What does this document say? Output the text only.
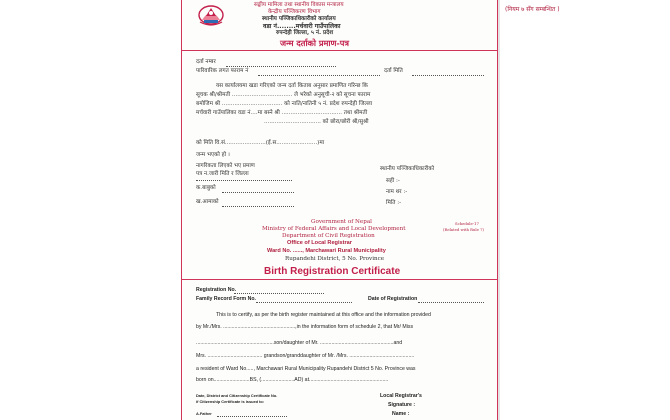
(नियम ७ सँग सम्बन्धित )
सङ्घीय मामिला तथा स्थानीय विकास मन्त्रालय
केन्द्रीय पञ्जिकरण विभाग
स्थानीय पञ्जिकाधिकारीको कार्यालय
वडा नं........मर्चवारी गाउँपालिका
रुपन्देही जिल्ला, ५ नं. प्रदेश
जन्म दर्ताको प्रमाण-पत्र
दर्ता नम्बर
पारिवारिक लगत फाराम नं	दर्ता मिति
यस कार्यालयमा खडा गरिएको जन्म दर्ता किताब अनुसार प्रमाणित गरिन्छ कि
सूचक श्री/श्रीमती .................................. ले भरेको अनुसूची-२ को सूचना फाराम
बमोजिम श्री .................................. को नाति/नातिनी ५ नं. प्रदेश रुपन्देही जिल्ला
मर्चवारी गाउँपालिका वडा नं....मा बस्ने श्री .................................. तथा श्रीमती
................................ को छोरा/छोरी श्री/सुश्री
को मिति वि.सं.......................(ई.स.......................)मा
जन्म भएको हो ।
नागरिकता लिएको भए प्रमाण
पत्र न.जारी मिति र जिल्ला
क.बाबुको
ख.आमाको
स्थानीय पञ्जिकाधिकारीको
सही :-
नाम थर :-
मिति :-
Government of Nepal
Ministry of Federal Affairs and Local Development
Department of Civil Registration
Office of Local Registrar
Ward No. ......, Marchawari Rural Municipality
Rupandehi District, 5 No. Province
Schedule-17
(Related with Rule 7)
Birth Registration Certificate
Registration No.
Family Record Form No.	Date of Registration
This is to certify, as per the birth register maintained at this office and the information provided
by Mr./Mrs. ..................................................,in the information form of schedule 2, that Mr/ Miss
......................................................son/daughter of Mr. ...................................................and
Mrs. ...................................... grandson/granddaughter of Mr. /Mrs. .............................................
a resident of Ward No....., Marchawari Rural Municipality Rupandehi District 5 No. Province was
born on.........................BS, (.......................AD) at.......................................................
Date, District and Citizenship Certificate No.
if Citizenship Certificate is issued to:
A.Father
Local Registrar's
Signature :
Name :
